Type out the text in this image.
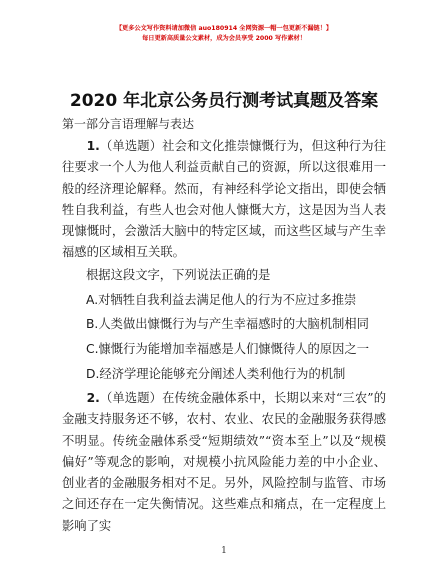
【更多公文写作资料请加微信 auo180914 全网资源一帽一包更新不漏链！】
每日更新高质量公文素材，成为会员享受 2000 写作素材！
2020 年北京公务员行测考试真题及答案
第一部分言语理解与表达
1.（单选题）社会和文化推崇慷慨行为，但这种行为往往要求一个人为他人利益贡献自己的资源，所以这很难用一般的经济理论解释。然而，有神经科学论文指出，即使会牺牲自我利益，有些人也会对他人慷慨大方，这是因为当人表现慷慨时，会激活大脑中的特定区域，而这些区域与产生幸福感的区域相互关联。
根据这段文字，下列说法正确的是
A.对牺牲自我利益去满足他人的行为不应过多推崇
B.人类做出慷慨行为与产生幸福感时的大脑机制相同
C.慷慨行为能增加幸福感是人们慷慨待人的原因之一
D.经济学理论能够充分阐述人类利他行为的机制
2.（单选题）在传统金融体系中，长期以来对“三农”的金融支持服务还不够，农村、农业、农民的金融服务获得感不明显。传统金融体系受“短期绩效”“资本至上”以及“规模偏好”等观念的影响，对规模小抗风险能力差的中小企业、创业者的金融服务相对不足。另外，风险控制与监管、市场之间还存在一定失衡情况。这些难点和痛点，在一定程度上影响了实
1
